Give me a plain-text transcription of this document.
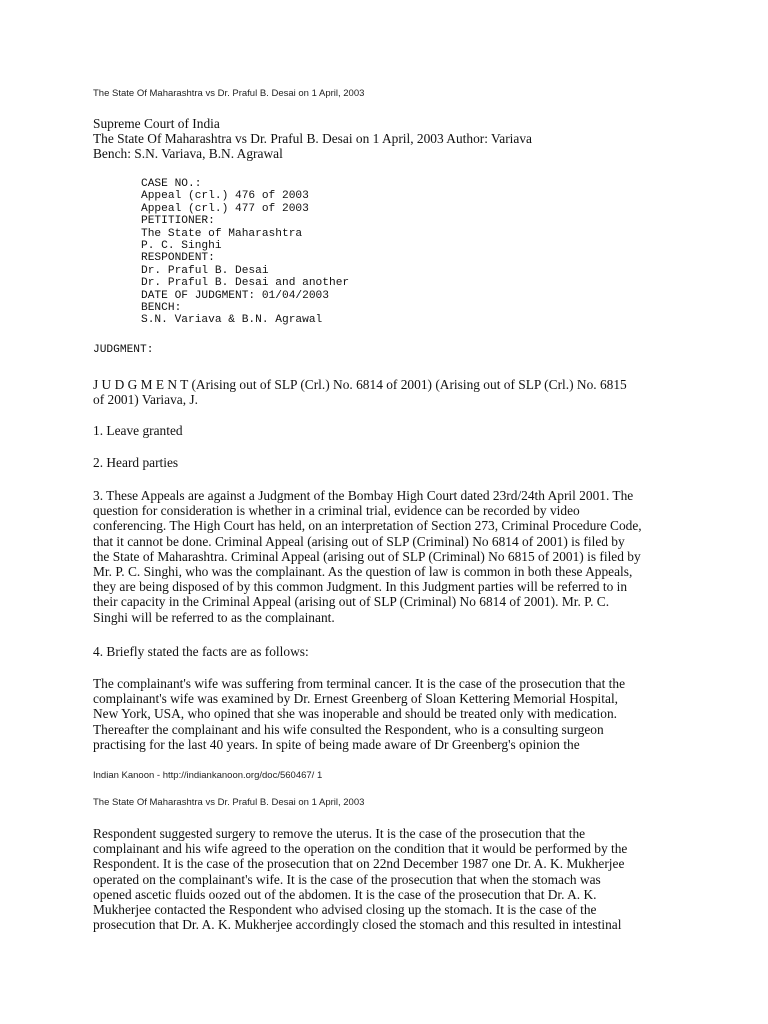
The State Of Maharashtra vs Dr. Praful B. Desai on 1 April, 2003
Supreme Court of India
The State Of Maharashtra vs Dr. Praful B. Desai on 1 April, 2003 Author: Variava
Bench: S.N. Variava, B.N. Agrawal
CASE NO.:
Appeal (crl.) 476 of 2003
Appeal (crl.) 477 of 2003
PETITIONER:
The State of Maharashtra
P. C. Singhi
RESPONDENT:
Dr. Praful B. Desai
Dr. Praful B. Desai and another
DATE OF JUDGMENT: 01/04/2003
BENCH:
S.N. Variava & B.N. Agrawal
JUDGMENT:
J U D G M E N T (Arising out of SLP (Crl.) No. 6814 of 2001) (Arising out of SLP (Crl.) No. 6815
of 2001) Variava, J.
1. Leave granted
2. Heard parties
3. These Appeals are against a Judgment of the Bombay High Court dated 23rd/24th April 2001. The
question for consideration is whether in a criminal trial, evidence can be recorded by video
conferencing. The High Court has held, on an interpretation of Section 273, Criminal Procedure Code,
that it cannot be done. Criminal Appeal (arising out of SLP (Criminal) No 6814 of 2001) is filed by
the State of Maharashtra. Criminal Appeal (arising out of SLP (Criminal) No 6815 of 2001) is filed by
Mr. P. C. Singhi, who was the complainant. As the question of law is common in both these Appeals,
they are being disposed of by this common Judgment. In this Judgment parties will be referred to in
their capacity in the Criminal Appeal (arising out of SLP (Criminal) No 6814 of 2001). Mr. P. C.
Singhi will be referred to as the complainant.
4. Briefly stated the facts are as follows:
The complainant's wife was suffering from terminal cancer. It is the case of the prosecution that the
complainant's wife was examined by Dr. Ernest Greenberg of Sloan Kettering Memorial Hospital,
New York, USA, who opined that she was inoperable and should be treated only with medication.
Thereafter the complainant and his wife consulted the Respondent, who is a consulting surgeon
practising for the last 40 years. In spite of being made aware of Dr Greenberg's opinion the
Indian Kanoon - http://indiankanoon.org/doc/560467/ 1
The State Of Maharashtra vs Dr. Praful B. Desai on 1 April, 2003
Respondent suggested surgery to remove the uterus. It is the case of the prosecution that the
complainant and his wife agreed to the operation on the condition that it would be performed by the
Respondent. It is the case of the prosecution that on 22nd December 1987 one Dr. A. K. Mukherjee
operated on the complainant's wife. It is the case of the prosecution that when the stomach was
opened ascetic fluids oozed out of the abdomen. It is the case of the prosecution that Dr. A. K.
Mukherjee contacted the Respondent who advised closing up the stomach. It is the case of the
prosecution that Dr. A. K. Mukherjee accordingly closed the stomach and this resulted in intestinal
